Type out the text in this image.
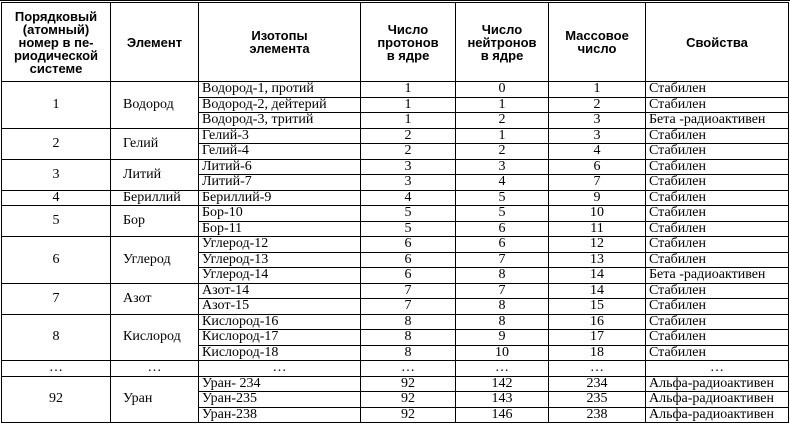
Порядковый
(атомный)
номер в пе-
риодической
системе	Элемент	Изотопы
элемента	Число
протонов
в ядре	Число
нейтронов
в ядре	Массовое
число	Свойства

1	Водород	Водород-1, протий	1	0	1	Стабилен
		Водород-2, дейтерий	1	1	2	Стабилен
		Водород-3, тритий	1	2	3	Бета -радиоактивен
2	Гелий	Гелий-3	2	1	3	Стабилен
		Гелий-4	2	2	4	Стабилен
3	Литий	Литий-6	3	3	6	Стабилен
		Литий-7	3	4	7	Стабилен
4	Бериллий	Бериллий-9	4	5	9	Стабилен
5	Бор	Бор-10	5	5	10	Стабилен
		Бор-11	5	6	11	Стабилен
6	Углерод	Углерод-12	6	6	12	Стабилен
		Углерод-13	6	7	13	Стабилен
		Углерод-14	6	8	14	Бета -радиоактивен
7	Азот	Азот-14	7	7	14	Стабилен
		Азот-15	7	8	15	Стабилен
8	Кислород	Кислород-16	8	8	16	Стабилен
		Кислород-17	8	9	17	Стабилен
		Кислород-18	8	10	18	Стабилен
…	…	…	…	…	…	…
92	Уран	Уран- 234	92	142	234	Альфа-радиоактивен
		Уран-235	92	143	235	Альфа-радиоактивен
		Уран-238	92	146	238	Альфа-радиоактивен
